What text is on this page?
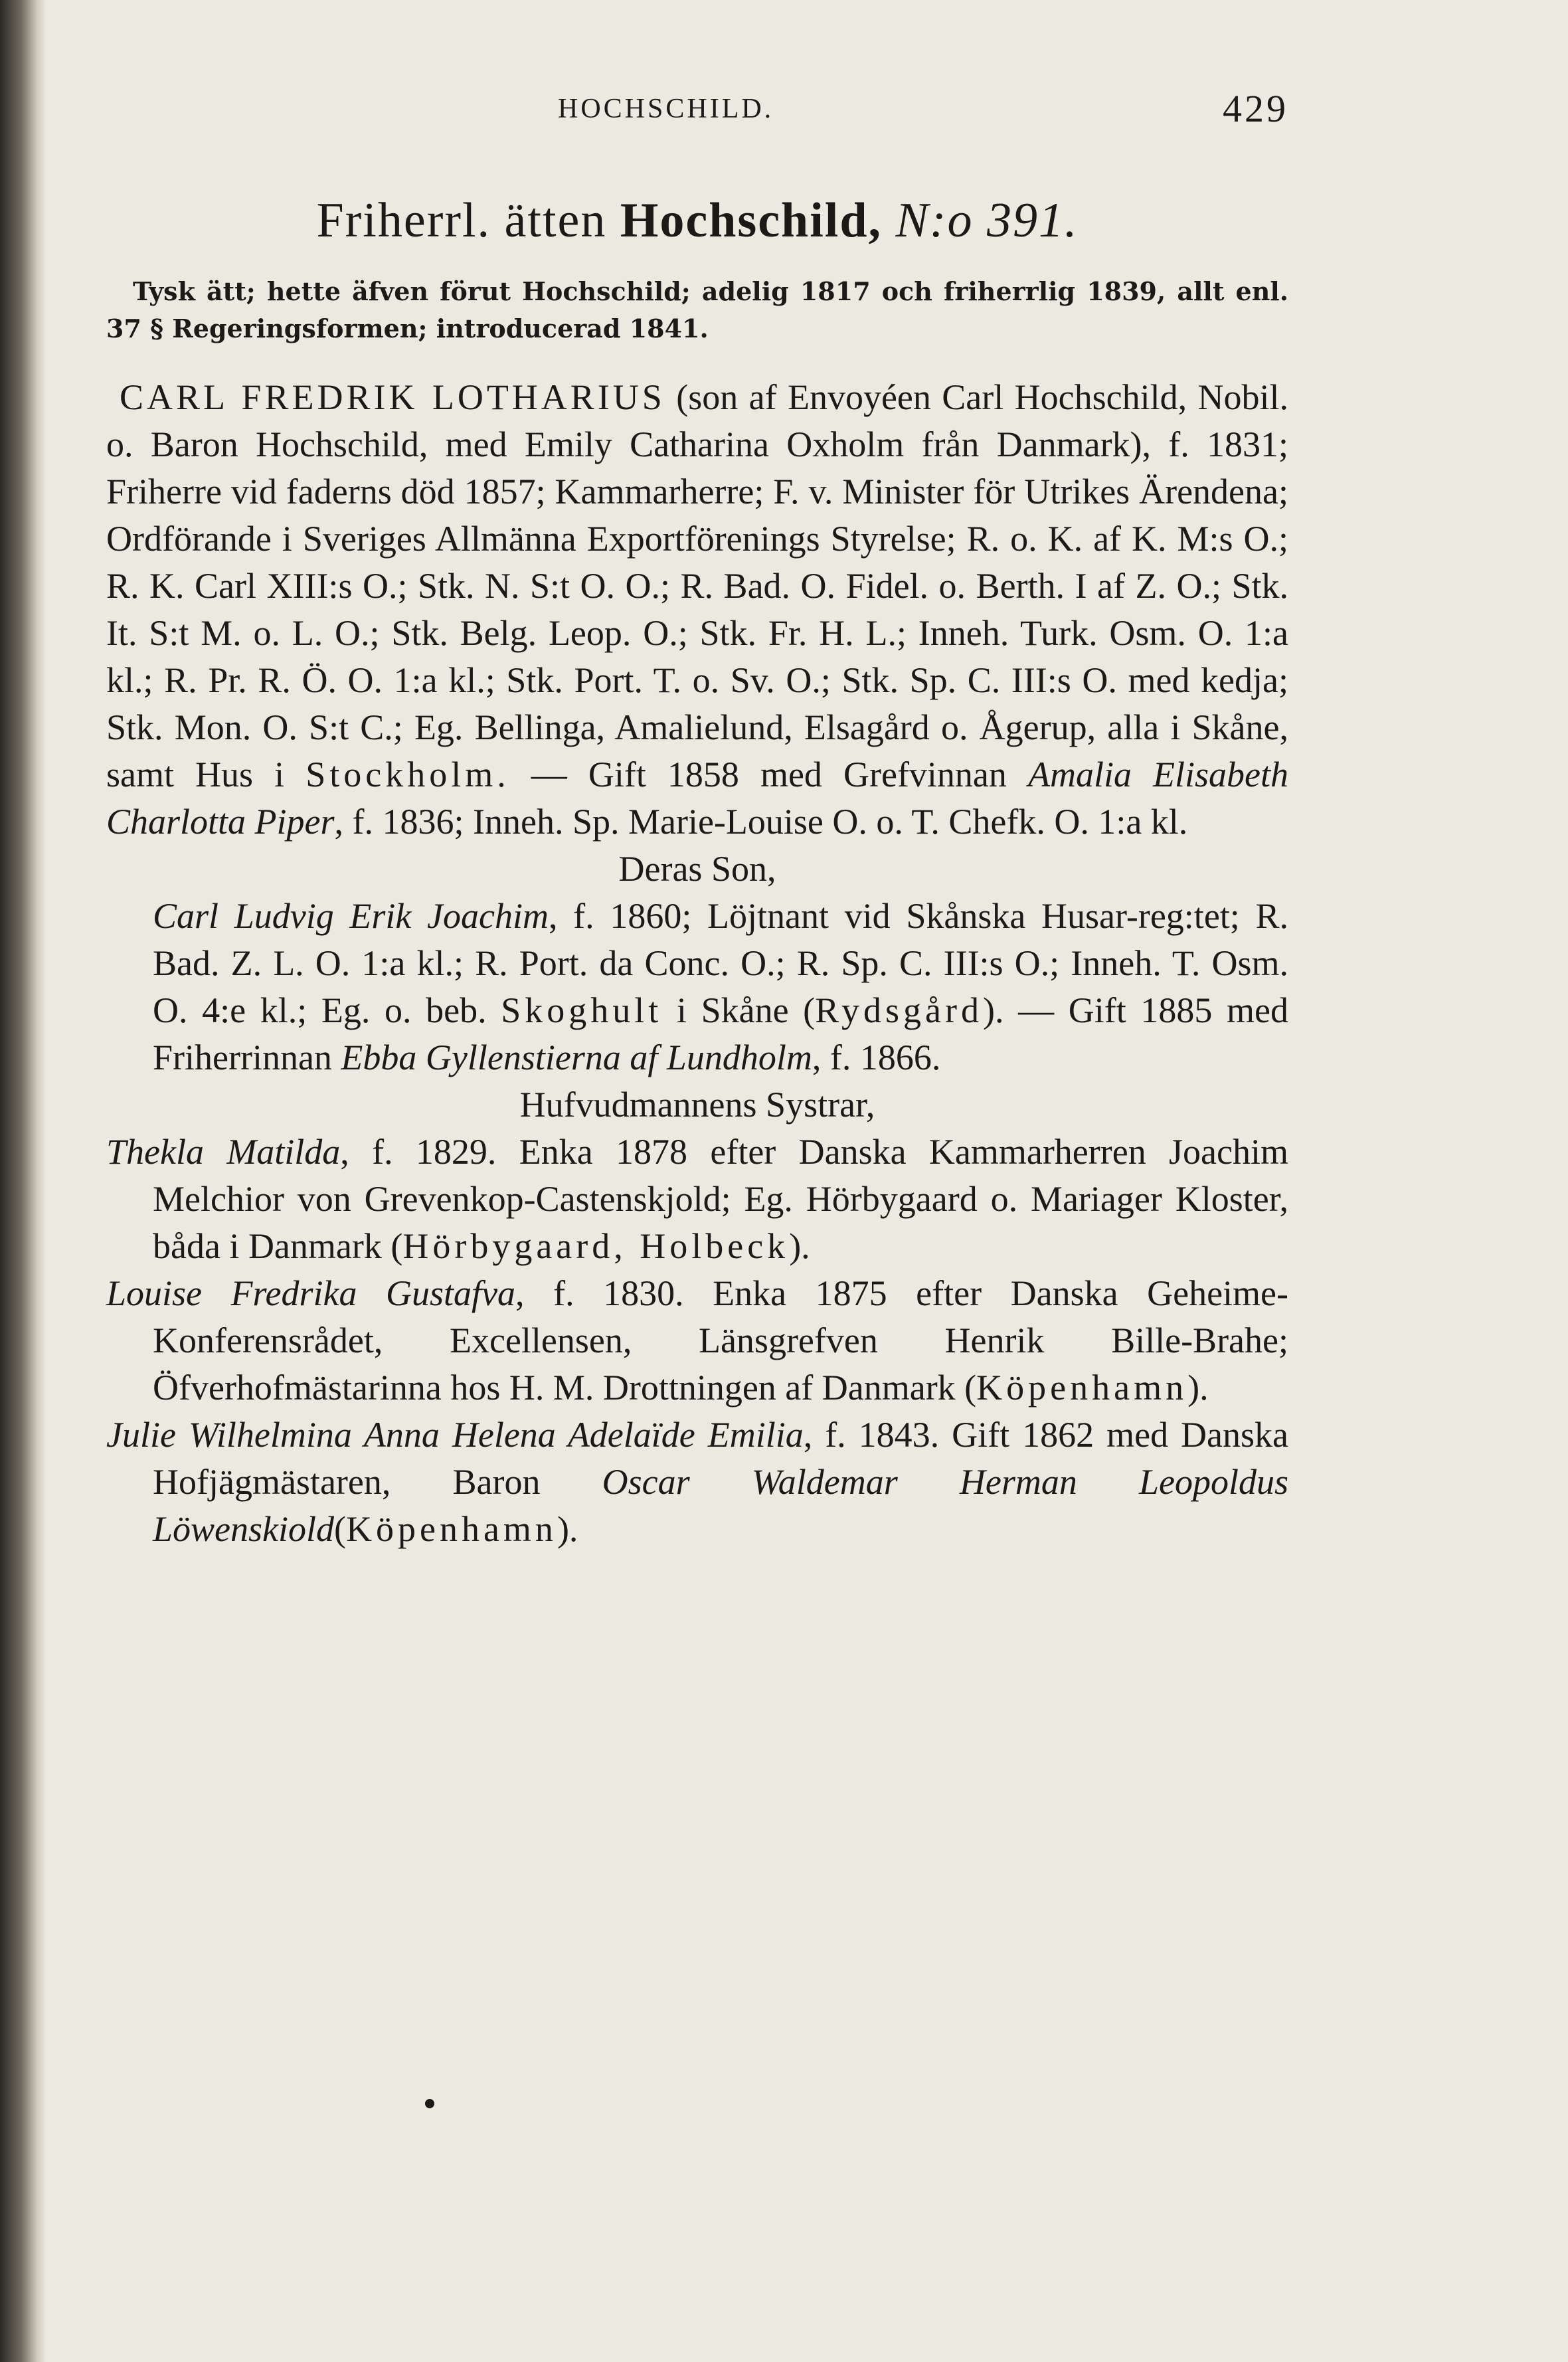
HOCHSCHILD.	429
Friherrl. ätten Hochschild, N:o 391.

Tysk ätt; hette äfven förut Hochschild; adelig 1817 och friherrlig 1839, allt enl. 37 § Regeringsformen; introducerad 1841.

CARL FREDRIK LOTHARIUS (son af Envoyéen Carl Hochschild, Nobil. o. Baron Hochschild, med Emily Catharina Oxholm från Danmark), f. 1831; Friherre vid faderns död 1857; Kammarherre; F. v. Minister för Utrikes Ärendena; Ordförande i Sveriges Allmänna Exportförenings Styrelse; R. o. K. af K. M:s O.; R. K. Carl XIII:s O.; Stk. N. S:t O. O.; R. Bad. O. Fidel. o. Berth. I af Z. O.; Stk. It. S:t M. o. L. O.; Stk. Belg. Leop. O.; Stk. Fr. H. L.; Inneh. Turk. Osm. O. 1:a kl.; R. Pr. R. Ö. O. 1:a kl.; Stk. Port. T. o. Sv. O.; Stk. Sp. C. III:s O. med kedja; Stk. Mon. O. S:t C.; Eg. Bellinga, Amalielund, Elsagård o. Ågerup, alla i Skåne, samt Hus i Stockholm. — Gift 1858 med Grefvinnan Amalia Elisabeth Charlotta Piper, f. 1836; Inneh. Sp. Marie-Louise O. o. T. Chefk. O. 1:a kl.

Deras Son,

Carl Ludvig Erik Joachim, f. 1860; Löjtnant vid Skånska Husar-reg:tet; R. Bad. Z. L. O. 1:a kl.; R. Port. da Conc. O.; R. Sp. C. III:s O.; Inneh. T. Osm. O. 4:e kl.; Eg. o. beb. Skoghult i Skåne (Rydsgård). — Gift 1885 med Friherrinnan Ebba Gyllenstierna af Lundholm, f. 1866.

Hufvudmannens Systrar,

Thekla Matilda, f. 1829. Enka 1878 efter Danska Kammarherren Joachim Melchior von Grevenkop-Castenskjold; Eg. Hörbygaard o. Mariager Kloster, båda i Danmark (Hörbygaard, Holbeck).

Louise Fredrika Gustafva, f. 1830. Enka 1875 efter Danska Geheime-Konferensrådet, Excellensen, Länsgrefven Henrik Bille-Brahe; Öfverhofmästarinna hos H. M. Drottningen af Danmark (Köpenhamn).

Julie Wilhelmina Anna Helena Adelaïde Emilia, f. 1843. Gift 1862 med Danska Hofjägmästaren, Baron Oscar Waldemar Herman Leopoldus Löwenskiold(Köpenhamn).
